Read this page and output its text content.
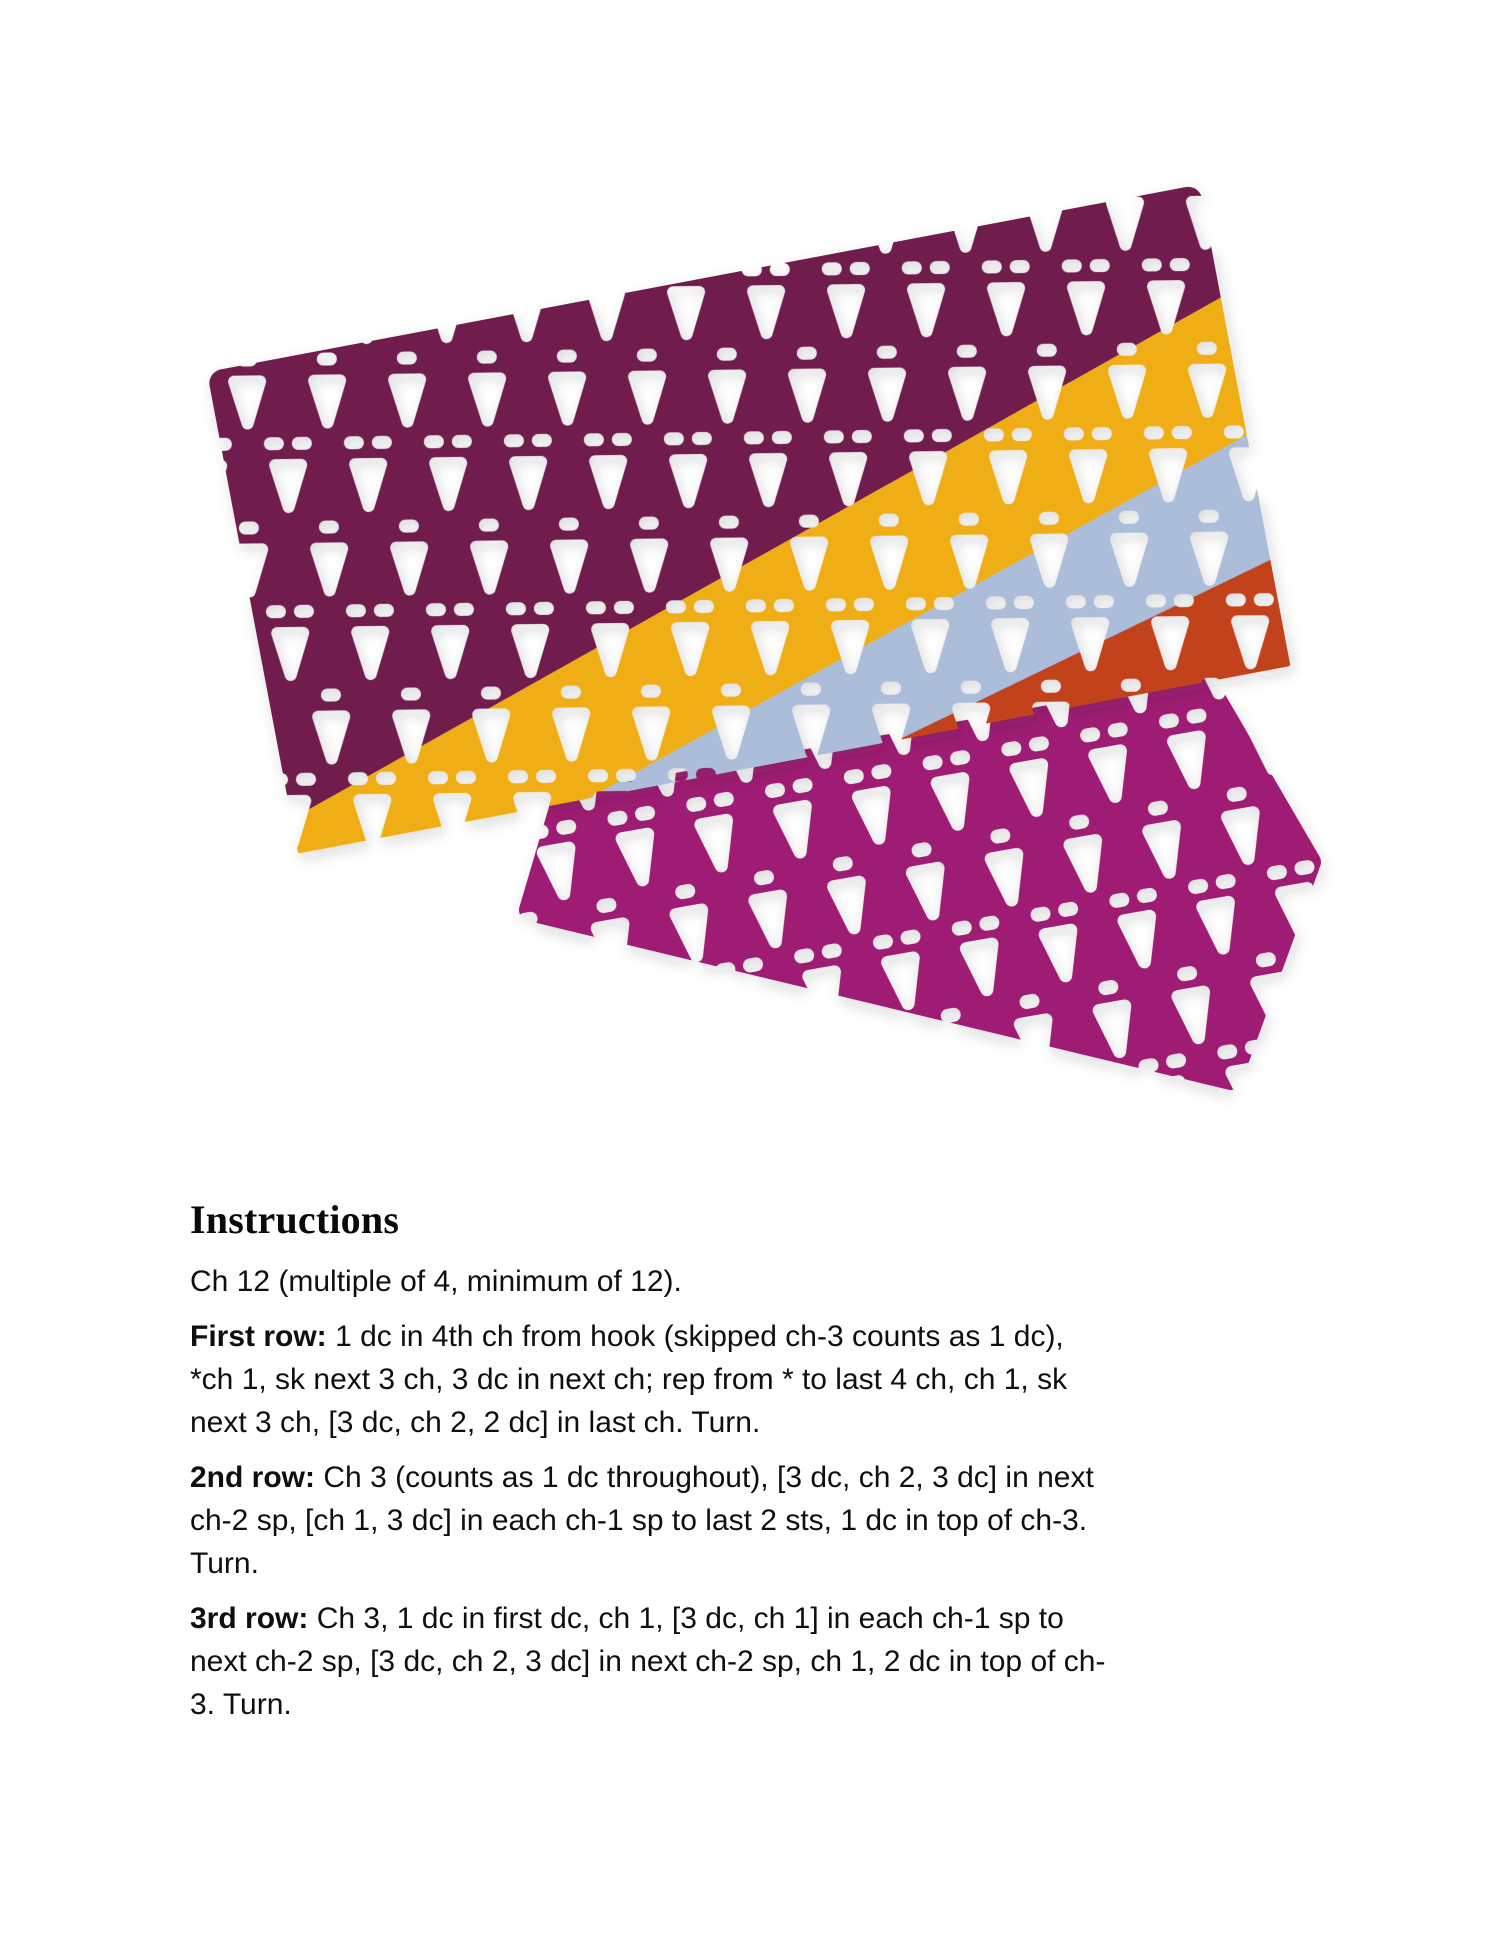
Instructions

Ch 12 (multiple of 4, minimum of 12).

First row: 1 dc in 4th ch from hook (skipped ch-3 counts as 1 dc),
*ch 1, sk next 3 ch, 3 dc in next ch; rep from * to last 4 ch, ch 1, sk
next 3 ch, [3 dc, ch 2, 2 dc] in last ch. Turn.

2nd row: Ch 3 (counts as 1 dc throughout), [3 dc, ch 2, 3 dc] in next
ch-2 sp, [ch 1, 3 dc] in each ch-1 sp to last 2 sts, 1 dc in top of ch-3.
Turn.

3rd row: Ch 3, 1 dc in first dc, ch 1, [3 dc, ch 1] in each ch-1 sp to
next ch-2 sp, [3 dc, ch 2, 3 dc] in next ch-2 sp, ch 1, 2 dc in top of ch-
3. Turn.
